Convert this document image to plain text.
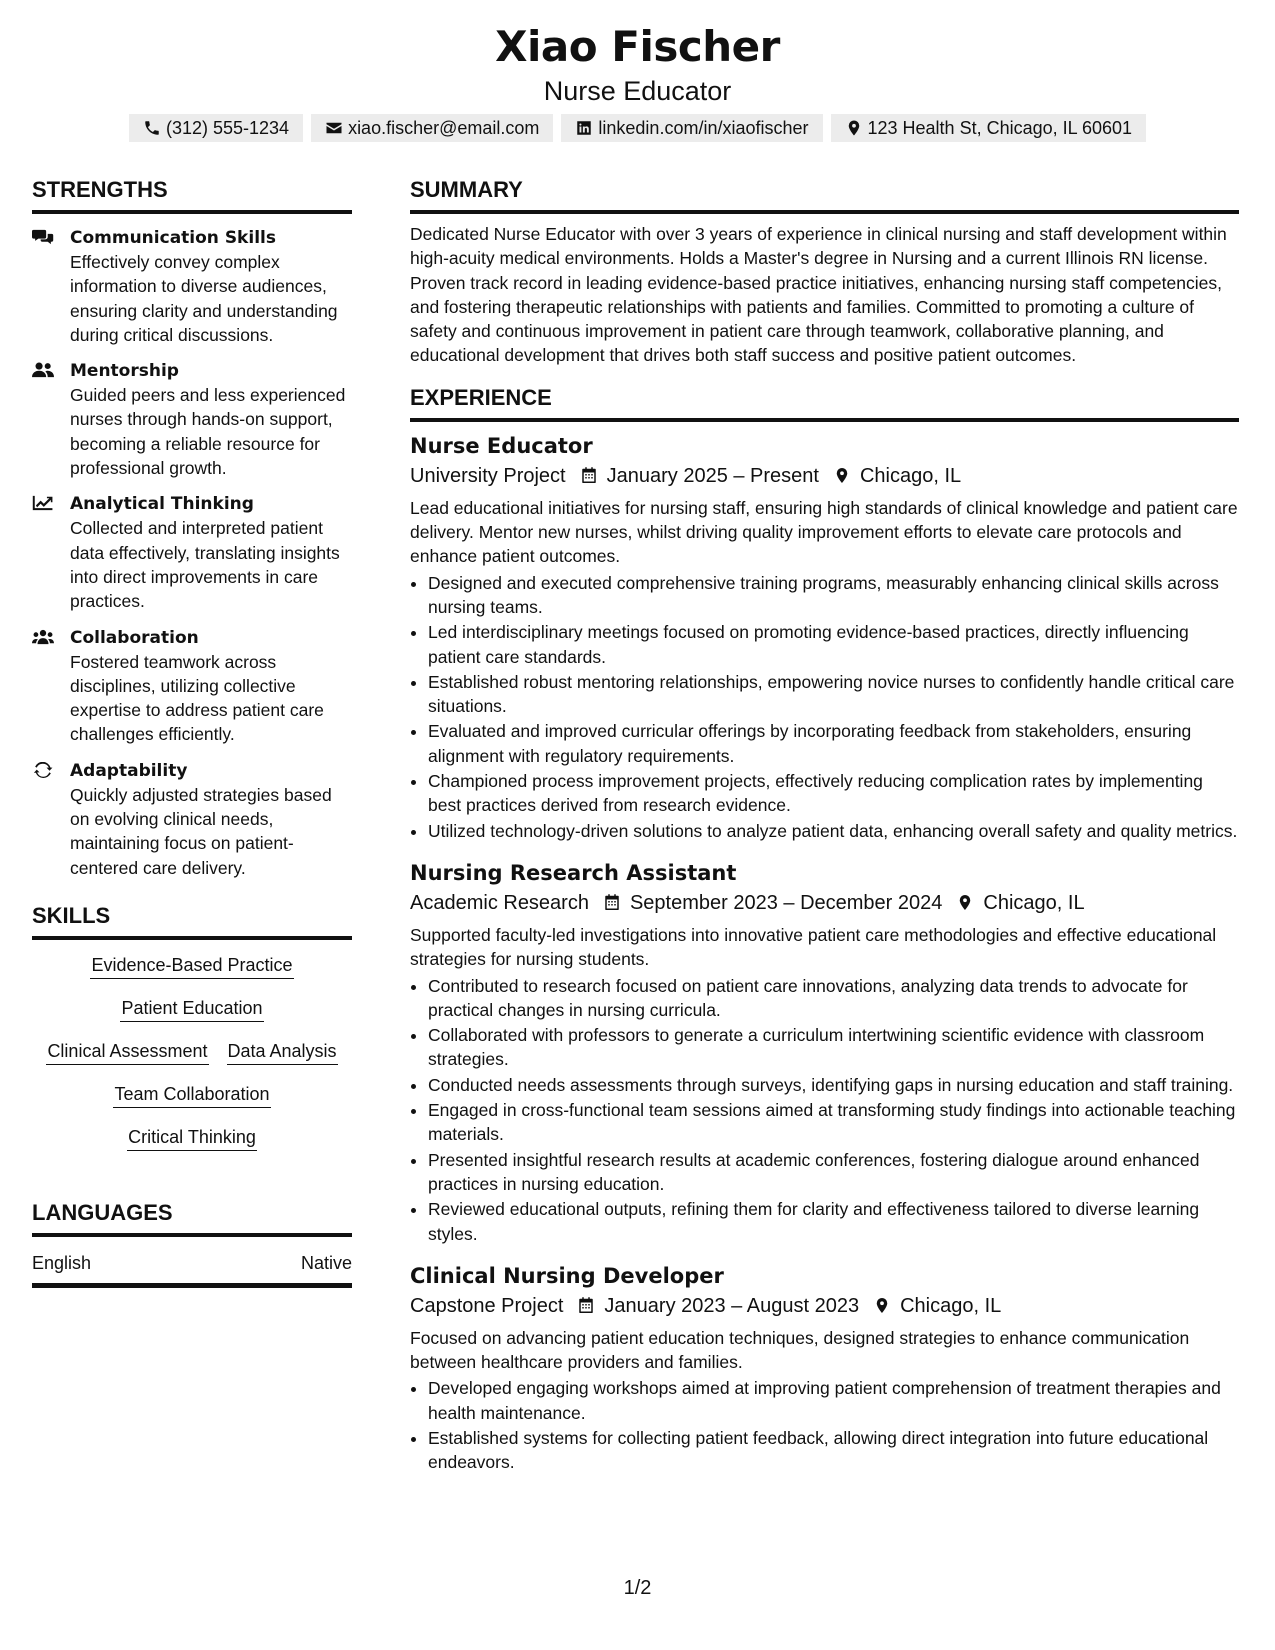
Xiao Fischer
Nurse Educator
(312) 555-1234	xiao.fischer@email.com	linkedin.com/in/xiaofischer	123 Health St, Chicago, IL 60601
STRENGTHS
Communication Skills
Effectively convey complex information to diverse audiences, ensuring clarity and understanding during critical discussions.
Mentorship
Guided peers and less experienced nurses through hands-on support, becoming a reliable resource for professional growth.
Analytical Thinking
Collected and interpreted patient data effectively, translating insights into direct improvements in care practices.
Collaboration
Fostered teamwork across disciplines, utilizing collective expertise to address patient care challenges efficiently.
Adaptability
Quickly adjusted strategies based on evolving clinical needs, maintaining focus on patient-centered care delivery.
SKILLS
Evidence-Based Practice
Patient Education
Clinical Assessment Data Analysis
Team Collaboration
Critical Thinking
LANGUAGES
English	Native
SUMMARY

Dedicated Nurse Educator with over 3 years of experience in clinical nursing and staff development within high-acuity medical environments. Holds a Master's degree in Nursing and a current Illinois RN license. Proven track record in leading evidence-based practice initiatives, enhancing nursing staff competencies, and fostering therapeutic relationships with patients and families. Committed to promoting a culture of safety and continuous improvement in patient care through teamwork, collaborative planning, and educational development that drives both staff success and positive patient outcomes.

EXPERIENCE
Nurse Educator
University Project January 2025 – Present Chicago, IL
Lead educational initiatives for nursing staff, ensuring high standards of clinical knowledge and patient care delivery. Mentor new nurses, whilst driving quality improvement efforts to elevate care protocols and enhance patient outcomes.
• Designed and executed comprehensive training programs, measurably enhancing clinical skills across nursing teams.
• Led interdisciplinary meetings focused on promoting evidence-based practices, directly influencing patient care standards.
• Established robust mentoring relationships, empowering novice nurses to confidently handle critical care situations.
• Evaluated and improved curricular offerings by incorporating feedback from stakeholders, ensuring alignment with regulatory requirements.
• Championed process improvement projects, effectively reducing complication rates by implementing best practices derived from research evidence.
• Utilized technology-driven solutions to analyze patient data, enhancing overall safety and quality metrics.
Nursing Research Assistant
Academic Research September 2023 – December 2024 Chicago, IL
Supported faculty-led investigations into innovative patient care methodologies and effective educational strategies for nursing students.
• Contributed to research focused on patient care innovations, analyzing data trends to advocate for practical changes in nursing curricula.
• Collaborated with professors to generate a curriculum intertwining scientific evidence with classroom strategies.
• Conducted needs assessments through surveys, identifying gaps in nursing education and staff training.
• Engaged in cross-functional team sessions aimed at transforming study findings into actionable teaching materials.
• Presented insightful research results at academic conferences, fostering dialogue around enhanced practices in nursing education.
• Reviewed educational outputs, refining them for clarity and effectiveness tailored to diverse learning styles.
Clinical Nursing Developer
Capstone Project January 2023 – August 2023 Chicago, IL
Focused on advancing patient education techniques, designed strategies to enhance communication between healthcare providers and families.
• Developed engaging workshops aimed at improving patient comprehension of treatment therapies and health maintenance.
• Established systems for collecting patient feedback, allowing direct integration into future educational endeavors.
1/2
